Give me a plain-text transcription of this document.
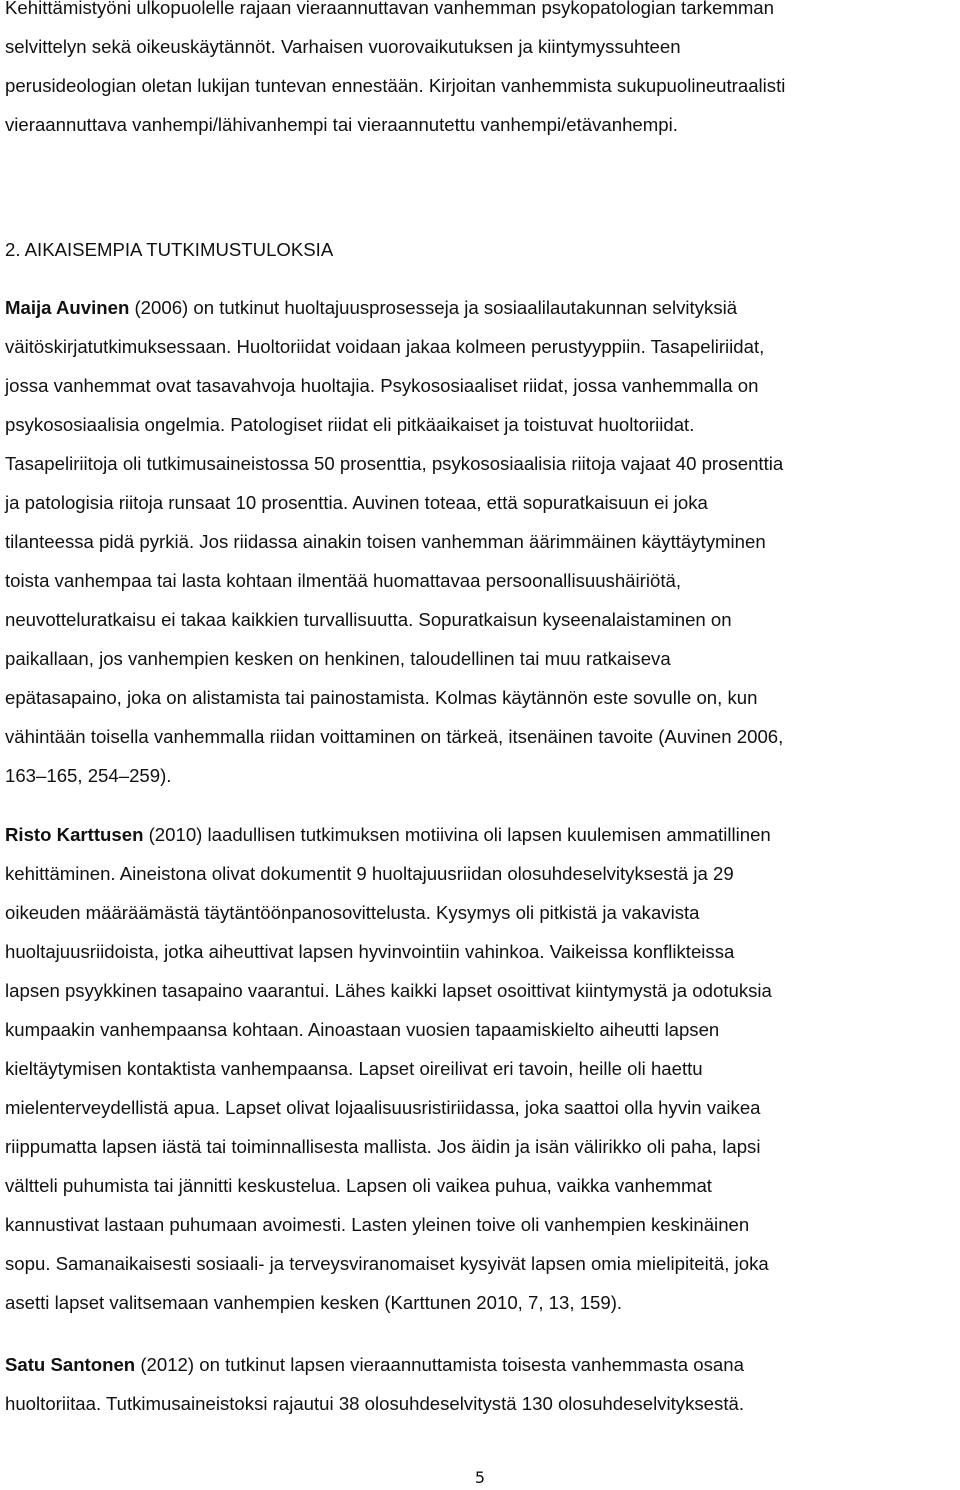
Kehittämistyöni ulkopuolelle rajaan vieraannuttavan vanhemman psykopatologian tarkemman
selvittelyn sekä oikeuskäytännöt. Varhaisen vuorovaikutuksen ja kiintymyssuhteen
perusideologian oletan lukijan tuntevan ennestään. Kirjoitan vanhemmista sukupuolineutraalisti
vieraannuttava vanhempi/lähivanhempi tai vieraannutettu vanhempi/etävanhempi.
2. AIKAISEMPIA TUTKIMUSTULOKSIA
Maija Auvinen (2006) on tutkinut huoltajuusprosesseja ja sosiaalilautakunnan selvityksiä
väitöskirjatutkimuksessaan. Huoltoriidat voidaan jakaa kolmeen perustyyppiin. Tasapeliriidat,
jossa vanhemmat ovat tasavahvoja huoltajia. Psykososiaaliset riidat, jossa vanhemmalla on
psykososiaalisia ongelmia. Patologiset riidat eli pitkäaikaiset ja toistuvat huoltoriidat.
Tasapeliriitoja oli tutkimusaineistossa 50 prosenttia, psykososiaalisia riitoja vajaat 40 prosenttia
ja patologisia riitoja runsaat 10 prosenttia. Auvinen toteaa, että sopuratkaisuun ei joka
tilanteessa pidä pyrkiä. Jos riidassa ainakin toisen vanhemman äärimmäinen käyttäytyminen
toista vanhempaa tai lasta kohtaan ilmentää huomattavaa persoonallisuushäiriötä,
neuvotteluratkaisu ei takaa kaikkien turvallisuutta. Sopuratkaisun kyseenalaistaminen on
paikallaan, jos vanhempien kesken on henkinen, taloudellinen tai muu ratkaiseva
epätasapaino, joka on alistamista tai painostamista. Kolmas käytännön este sovulle on, kun
vähintään toisella vanhemmalla riidan voittaminen on tärkeä, itsenäinen tavoite (Auvinen 2006,
163–165, 254–259).
Risto Karttusen (2010) laadullisen tutkimuksen motiivina oli lapsen kuulemisen ammatillinen
kehittäminen. Aineistona olivat dokumentit 9 huoltajuusriidan olosuhdeselvityksestä ja 29
oikeuden määräämästä täytäntöönpanosovittelusta. Kysymys oli pitkistä ja vakavista
huoltajuusriidoista, jotka aiheuttivat lapsen hyvinvointiin vahinkoa. Vaikeissa konflikteissa
lapsen psyykkinen tasapaino vaarantui. Lähes kaikki lapset osoittivat kiintymystä ja odotuksia
kumpaakin vanhempaansa kohtaan. Ainoastaan vuosien tapaamiskielto aiheutti lapsen
kieltäytymisen kontaktista vanhempaansa. Lapset oireilivat eri tavoin, heille oli haettu
mielenterveydellistä apua. Lapset olivat lojaalisuusristiriidassa, joka saattoi olla hyvin vaikea
riippumatta lapsen iästä tai toiminnallisesta mallista. Jos äidin ja isän välirikko oli paha, lapsi
vältteli puhumista tai jännitti keskustelua. Lapsen oli vaikea puhua, vaikka vanhemmat
kannustivat lastaan puhumaan avoimesti. Lasten yleinen toive oli vanhempien keskinäinen
sopu. Samanaikaisesti sosiaali- ja terveysviranomaiset kysyivät lapsen omia mielipiteitä, joka
asetti lapset valitsemaan vanhempien kesken (Karttunen 2010, 7, 13, 159).
Satu Santonen (2012) on tutkinut lapsen vieraannuttamista toisesta vanhemmasta osana
huoltoriitaa. Tutkimusaineistoksi rajautui 38 olosuhdeselvitystä 130 olosuhdeselvityksestä.
5
